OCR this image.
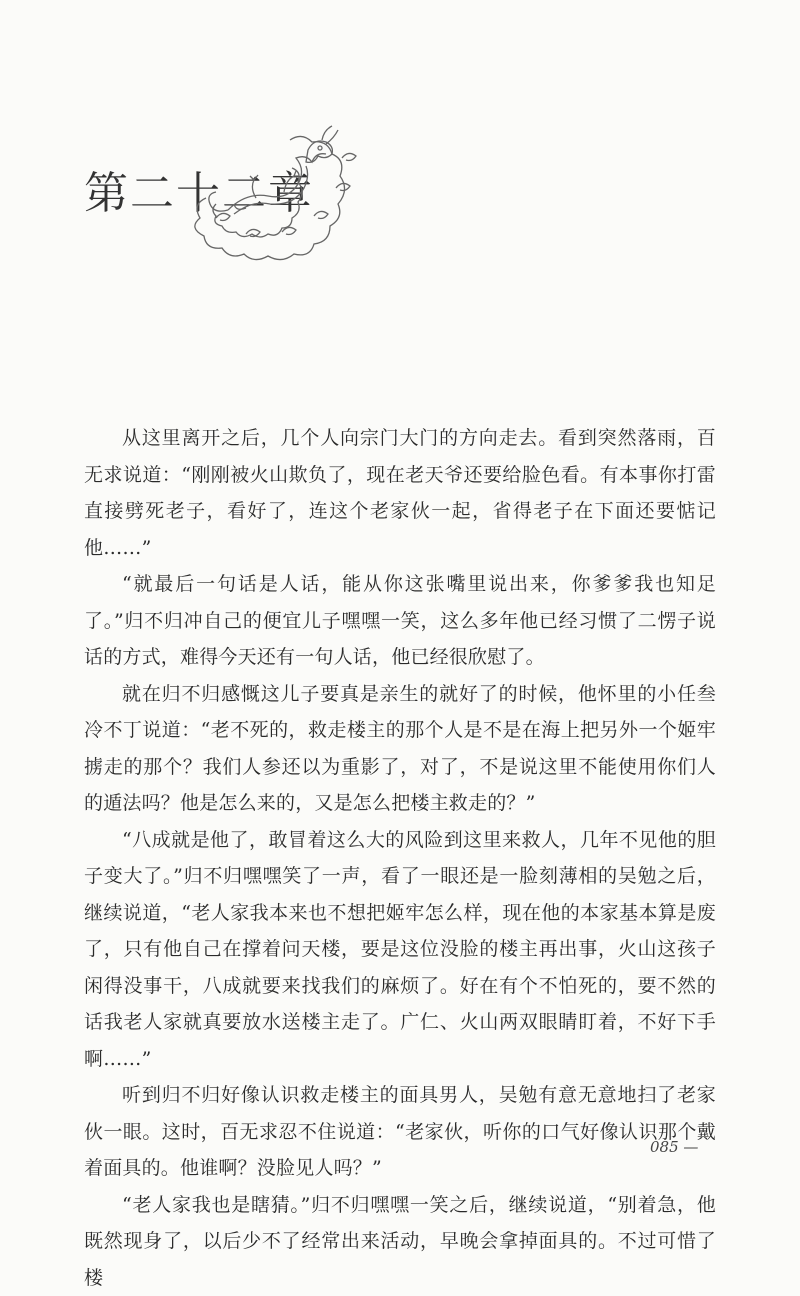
第二十二章

从这里离开之后，几个人向宗门大门的方向走去。看到突然落雨，百无求说道：“刚刚被火山欺负了，现在老天爷还要给脸色看。有本事你打雷直接劈死老子，看好了，连这个老家伙一起，省得老子在下面还要惦记他……”

“就最后一句话是人话，能从你这张嘴里说出来，你爹爹我也知足了。”归不归冲自己的便宜儿子嘿嘿一笑，这么多年他已经习惯了二愣子说话的方式，难得今天还有一句人话，他已经很欣慰了。

就在归不归感慨这儿子要真是亲生的就好了的时候，他怀里的小任叁冷不丁说道：“老不死的，救走楼主的那个人是不是在海上把另外一个姬牢掳走的那个？我们人参还以为重影了，对了，不是说这里不能使用你们人的遁法吗？他是怎么来的，又是怎么把楼主救走的？”

“八成就是他了，敢冒着这么大的风险到这里来救人，几年不见他的胆子变大了。”归不归嘿嘿笑了一声，看了一眼还是一脸刻薄相的吴勉之后，继续说道，“老人家我本来也不想把姬牢怎么样，现在他的本家基本算是废了，只有他自己在撑着问天楼，要是这位没脸的楼主再出事，火山这孩子闲得没事干，八成就要来找我们的麻烦了。好在有个不怕死的，要不然的话我老人家就真要放水送楼主走了。广仁、火山两双眼睛盯着，不好下手啊……”

听到归不归好像认识救走楼主的面具男人，吴勉有意无意地扫了老家伙一眼。这时，百无求忍不住说道：“老家伙，听你的口气好像认识那个戴着面具的。他谁啊？没脸见人吗？”

“老人家我也是瞎猜。”归不归嘿嘿一笑之后，继续说道，“别着急，他既然现身了，以后少不了经常出来活动，早晚会拿掉面具的。不过可惜了楼

085 —
